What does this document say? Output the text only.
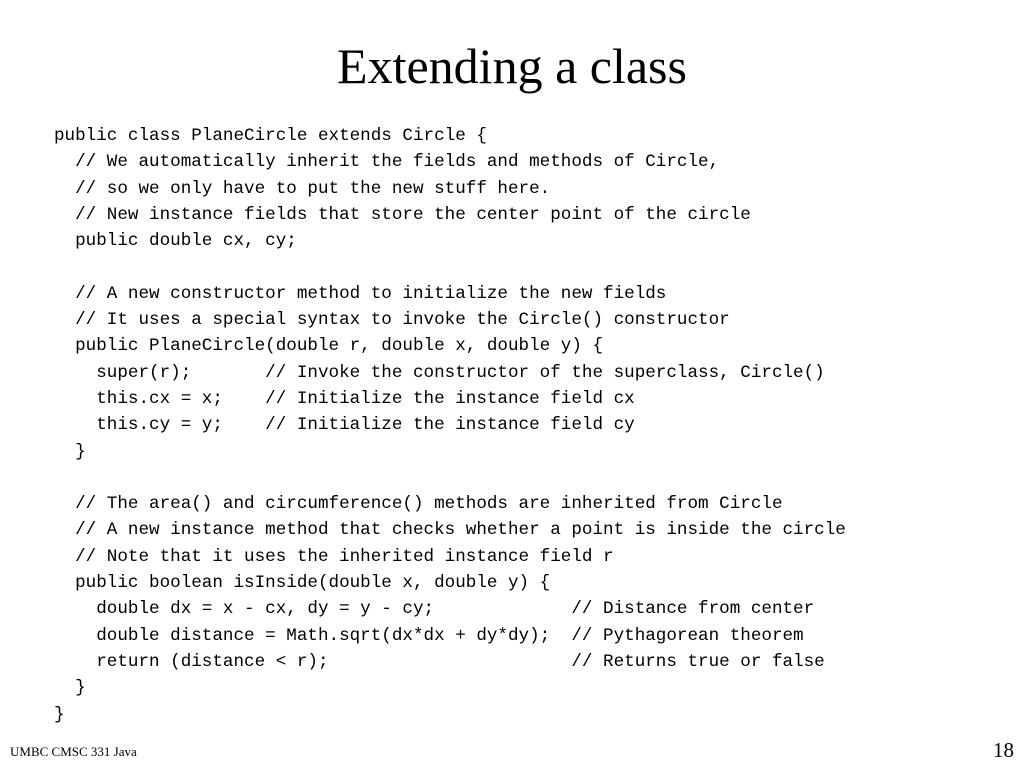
Extending a class
public class PlaneCircle extends Circle {
// We automatically inherit the fields and methods of Circle,
// so we only have to put the new stuff here.
// New instance fields that store the center point of the circle
public double cx, cy;
// A new constructor method to initialize the new fields
// It uses a special syntax to invoke the Circle() constructor
public PlaneCircle(double r, double x, double y) {
super(r);       // Invoke the constructor of the superclass, Circle()
this.cx = x;    // Initialize the instance field cx
this.cy = y;    // Initialize the instance field cy
}
// The area() and circumference() methods are inherited from Circle
// A new instance method that checks whether a point is inside the circle
// Note that it uses the inherited instance field r
public boolean isInside(double x, double y) {
double dx = x - cx, dy = y - cy;             // Distance from center
double distance = Math.sqrt(dx*dx + dy*dy);  // Pythagorean theorem
return (distance < r);                       // Returns true or false
}
}
UMBC CMSC 331 Java	18
